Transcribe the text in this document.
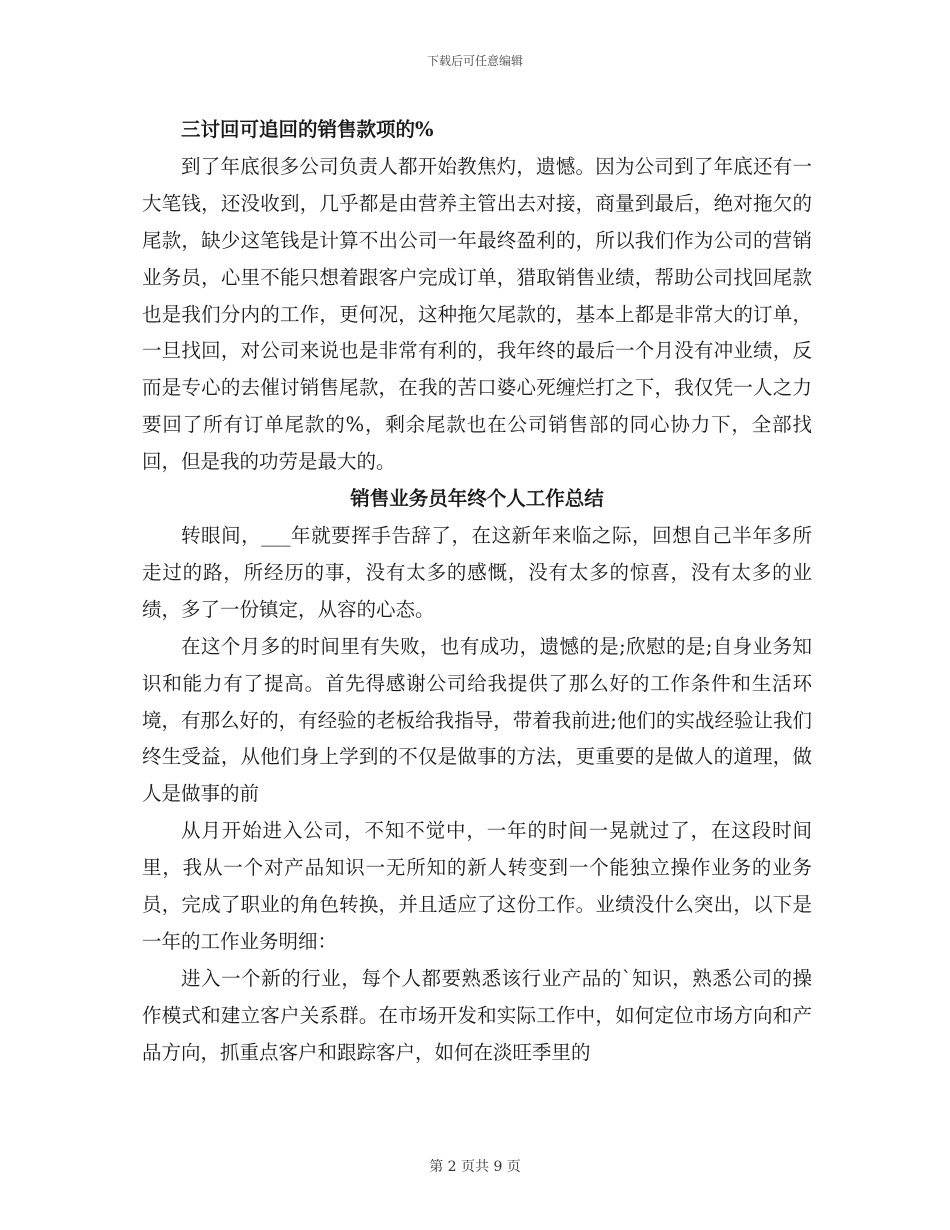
下载后可任意编辑

三讨回可追回的销售款项的%

到了年底很多公司负责人都开始教焦灼，遗憾。因为公司到了年底还有一大笔钱，还没收到，几乎都是由营养主管出去对接，商量到最后，绝对拖欠的尾款，缺少这笔钱是计算不出公司一年最终盈利的，所以我们作为公司的营销业务员，心里不能只想着跟客户完成订单，猎取销售业绩，帮助公司找回尾款也是我们分内的工作，更何况，这种拖欠尾款的，基本上都是非常大的订单，一旦找回，对公司来说也是非常有利的，我年终的最后一个月没有冲业绩，反而是专心的去催讨销售尾款，在我的苦口婆心死缠烂打之下，我仅凭一人之力要回了所有订单尾款的%，剩余尾款也在公司销售部的同心协力下，全部找回，但是我的功劳是最大的。

销售业务员年终个人工作总结

转眼间，___年就要挥手告辞了，在这新年来临之际，回想自己半年多所走过的路，所经历的事，没有太多的感慨，没有太多的惊喜，没有太多的业绩，多了一份镇定，从容的心态。

在这个月多的时间里有失败，也有成功，遗憾的是;欣慰的是;自身业务知识和能力有了提高。首先得感谢公司给我提供了那么好的工作条件和生活环境，有那么好的，有经验的老板给我指导，带着我前进;他们的实战经验让我们终生受益，从他们身上学到的不仅是做事的方法，更重要的是做人的道理，做人是做事的前

从月开始进入公司，不知不觉中，一年的时间一晃就过了，在这段时间里，我从一个对产品知识一无所知的新人转变到一个能独立操作业务的业务员，完成了职业的角色转换，并且适应了这份工作。业绩没什么突出，以下是一年的工作业务明细：

进入一个新的行业，每个人都要熟悉该行业产品的`知识，熟悉公司的操作模式和建立客户关系群。在市场开发和实际工作中，如何定位市场方向和产品方向，抓重点客户和跟踪客户，如何在淡旺季里的

第 2 页共 9 页
